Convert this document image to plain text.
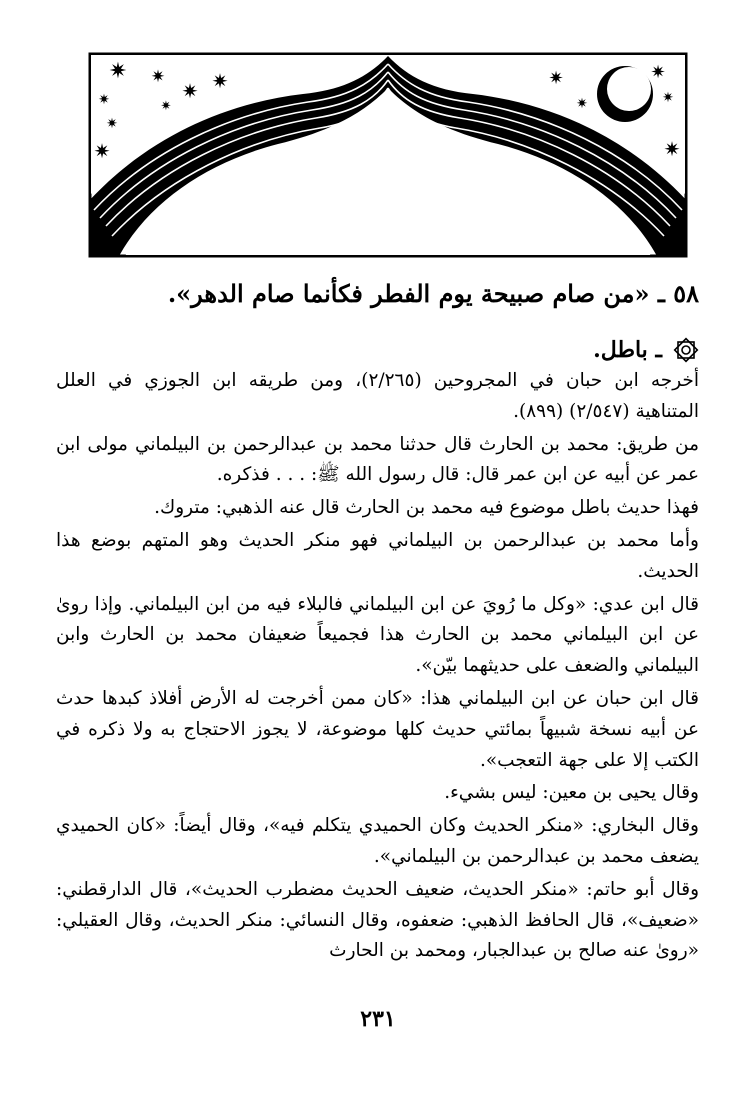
✷ ✷
✷ ✷
✷	✷
✷
✷
✷
✷
✷
✷
✷
٥٨ ـ «من صام صبيحة يوم الفطر فكأنما صام الدهر».
ـ باطل.

أخرجه ابن حبان في المجروحين (٢/٢٦٥)، ومن طريقه ابن الجوزي في العلل المتناهية (٢/٥٤٧) (٨٩٩).

من طريق: محمد بن الحارث قال حدثنا محمد بن عبدالرحمن بن البيلماني مولى ابن عمر عن أبيه عن ابن عمر قال: قال رسول الله ﷺ: . . . فذكره.

فهذا حديث باطل موضوع فيه محمد بن الحارث قال عنه الذهبي: متروك.

وأما محمد بن عبدالرحمن بن البيلماني فهو منكر الحديث وهو المتهم بوضع هذا الحديث.

قال ابن عدي: «وكل ما رُويَ عن ابن البيلماني فالبلاء فيه من ابن البيلماني. وإذا روىٰ عن ابن البيلماني محمد بن الحارث هذا فجميعاً ضعيفان محمد بن الحارث وابن البيلماني والضعف على حديثهما بيّن».

قال ابن حبان عن ابن البيلماني هذا: «كان ممن أخرجت له الأرض أفلاذ كبدها حدث عن أبيه نسخة شبيهاً بمائتي حديث كلها موضوعة، لا يجوز الاحتجاج به ولا ذكره في الكتب إلا على جهة التعجب».

وقال يحيى بن معين: ليس بشيء.

وقال البخاري: «منكر الحديث وكان الحميدي يتكلم فيه»، وقال أيضاً: «كان الحميدي يضعف محمد بن عبدالرحمن بن البيلماني».

وقال أبو حاتم: «منكر الحديث، ضعيف الحديث مضطرب الحديث»، قال الدارقطني: «ضعيف»، قال الحافظ الذهبي: ضعفوه، وقال النسائي: منكر الحديث، وقال العقيلي: «روىٰ عنه صالح بن عبدالجبار، ومحمد بن الحارث

٢٣١
